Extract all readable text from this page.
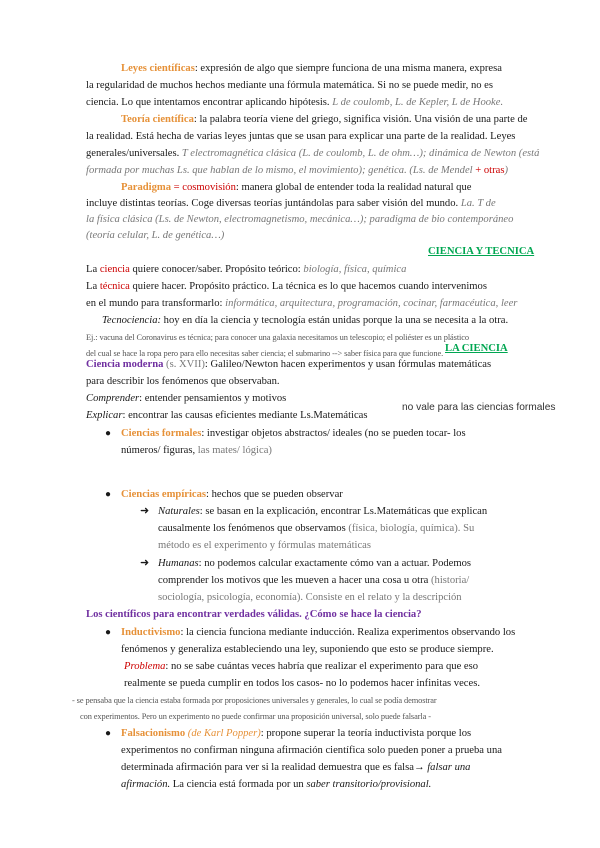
Leyes científicas: expresión de algo que siempre funciona de una misma manera, expresa
la regularidad de muchos hechos mediante una fórmula matemática. Si no se puede medir, no es
ciencia. Lo que intentamos encontrar aplicando hipótesis. L de coulomb, L. de Kepler, L de Hooke.
Teoría científica: la palabra teoría viene del griego, significa visión. Una visión de una parte de
la realidad. Está hecha de varias leyes juntas que se usan para explicar una parte de la realidad. Leyes
generales/universales. T electromagnética clásica (L. de coulomb, L. de ohm…); dinámica de Newton (está
formada por muchas Ls. que hablan de lo mismo, el movimiento); genética. (Ls. de Mendel + otras)
Paradigma = cosmovisión: manera global de entender toda la realidad natural que
incluye distintas teorías. Coge diversas teorías juntándolas para saber visión del mundo. La. T de
la física clásica (Ls. de Newton, electromagnetismo, mecánica…); paradigma de bio contemporáneo
(teoría celular, L. de genética…)
CIENCIA Y TECNICA
La ciencia quiere conocer/saber. Propósito teórico: biología, física, química
La técnica quiere hacer. Propósito práctico. La técnica es lo que hacemos cuando intervenimos
en el mundo para transformarlo: informática, arquitectura, programación, cocinar, farmacéutica, leer
Tecnociencia: hoy en día la ciencia y tecnología están unidas porque la una se necesita a la otra.
Ej.: vacuna del Coronavirus es técnica; para conocer una galaxia necesitamos un telescopio; el poliéster es un plástico
del cual se hace la ropa pero para ello necesitas saber ciencia; el submarino --> saber física para que funcione. LA CIENCIA
Ciencia moderna (s. XVII): Galileo/Newton hacen experimentos y usan fórmulas matemáticas
para describir los fenómenos que observaban.
Comprender: entender pensamientos y motivos
Explicar: encontrar las causas eficientes mediante Ls.Matemáticas
no vale para las ciencias formales
● Ciencias formales: investigar objetos abstractos/ ideales (no se pueden tocar- los
números/ figuras, las mates/ lógica)
● Ciencias empíricas: hechos que se pueden observar
➜ Naturales: se basan en la explicación, encontrar Ls.Matemáticas que explican
causalmente los fenómenos que observamos (física, biología, química). Su
método es el experimento y fórmulas matemáticas
➜ Humanas: no podemos calcular exactamente cómo van a actuar. Podemos
comprender los motivos que les mueven a hacer una cosa u otra (historia/
sociología, psicología, economía). Consiste en el relato y la descripción
Los científicos para encontrar verdades válidas. ¿Cómo se hace la ciencia?
● Inductivismo: la ciencia funciona mediante inducción. Realiza experimentos observando los
fenómenos y generaliza estableciendo una ley, suponiendo que esto se produce siempre.
Problema: no se sabe cuántas veces habría que realizar el experimento para que eso
realmente se pueda cumplir en todos los casos- no lo podemos hacer infinitas veces.
- se pensaba que la ciencia estaba formada por proposiciones universales y generales, lo cual se podía demostrar
con experimentos. Pero un experimento no puede confirmar una proposición universal, solo puede falsarla -
● Falsacionismo (de Karl Popper): propone superar la teoría inductivista porque los
experimentos no confirman ninguna afirmación científica solo pueden poner a prueba una
determinada afirmación para ver si la realidad demuestra que es falsa→ falsar una
afirmación. La ciencia está formada por un saber transitorio/provisional.
